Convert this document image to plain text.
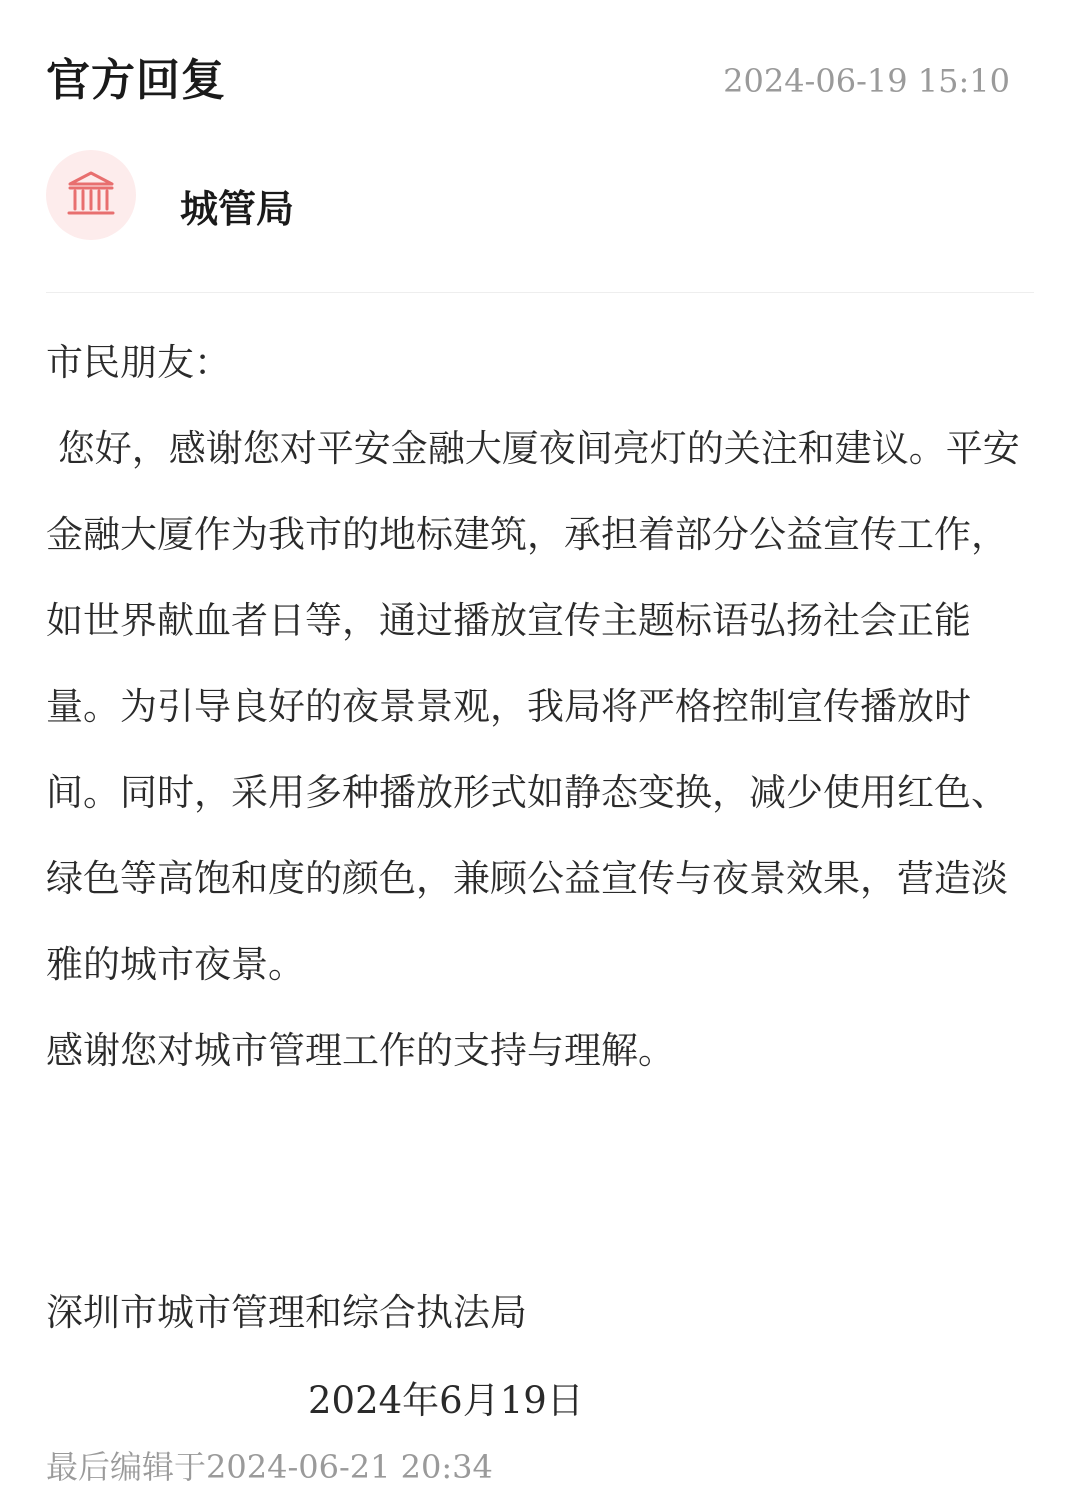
官方回复	2024-06-19 15:10
城管局

市民朋友：

您好，感谢您对平安金融大厦夜间亮灯的关注和建议。平安金融大厦作为我市的地标建筑，承担着部分公益宣传工作，如世界献血者日等，通过播放宣传主题标语弘扬社会正能量。为引导良好的夜景景观，我局将严格控制宣传播放时间。同时，采用多种播放形式如静态变换，减少使用红色、绿色等高饱和度的颜色，兼顾公益宣传与夜景效果，营造淡雅的城市夜景。

感谢您对城市管理工作的支持与理解。

深圳市城市管理和综合执法局
2024年6月19日
最后编辑于2024-06-21 20:34
